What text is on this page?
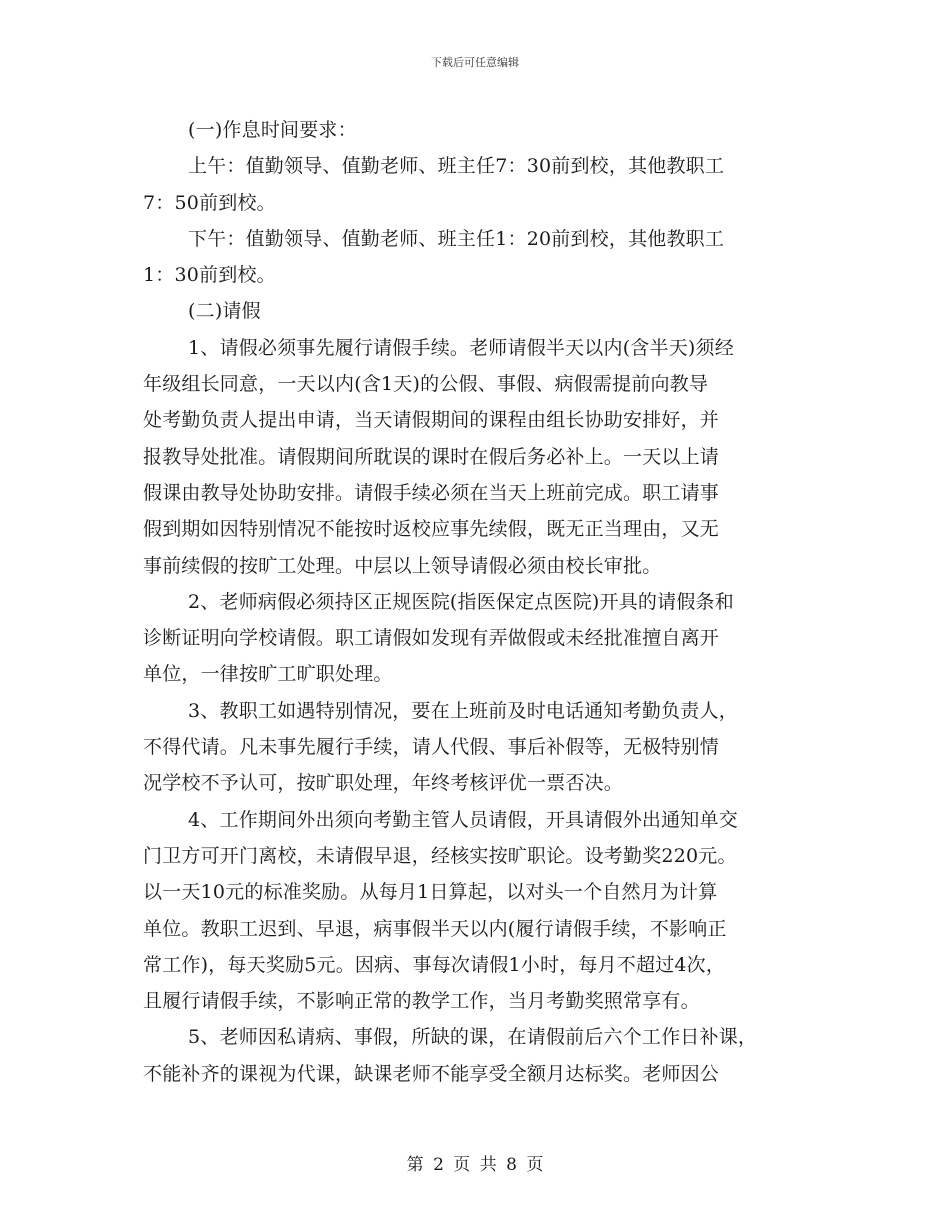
下载后可任意编辑
(一)作息时间要求：
上午：值勤领导、值勤老师、班主任7：30前到校，其他教职工
7：50前到校。
下午：值勤领导、值勤老师、班主任1：20前到校，其他教职工
1：30前到校。
(二)请假
1、请假必须事先履行请假手续。老师请假半天以内(含半天)须经
年级组长同意，一天以内(含1天)的公假、事假、病假需提前向教导
处考勤负责人提出申请，当天请假期间的课程由组长协助安排好，并
报教导处批准。请假期间所耽误的课时在假后务必补上。一天以上请
假课由教导处协助安排。请假手续必须在当天上班前完成。职工请事
假到期如因特别情况不能按时返校应事先续假，既无正当理由，又无
事前续假的按旷工处理。中层以上领导请假必须由校长审批。
2、老师病假必须持区正规医院(指医保定点医院)开具的请假条和
诊断证明向学校请假。职工请假如发现有弄做假或未经批准擅自离开
单位，一律按旷工旷职处理。
3、教职工如遇特别情况，要在上班前及时电话通知考勤负责人，
不得代请。凡未事先履行手续，请人代假、事后补假等，无极特别情
况学校不予认可，按旷职处理，年终考核评优一票否决。
4、工作期间外出须向考勤主管人员请假，开具请假外出通知单交
门卫方可开门离校，未请假早退，经核实按旷职论。设考勤奖220元。
以一天10元的标准奖励。从每月1日算起，以对头一个自然月为计算
单位。教职工迟到、早退，病事假半天以内(履行请假手续，不影响正
常工作)，每天奖励5元。因病、事每次请假1小时，每月不超过4次，
且履行请假手续，不影响正常的教学工作，当月考勤奖照常享有。
5、老师因私请病、事假，所缺的课，在请假前后六个工作日补课，
不能补齐的课视为代课，缺课老师不能享受全额月达标奖。老师因公
第 2 页 共 8 页
